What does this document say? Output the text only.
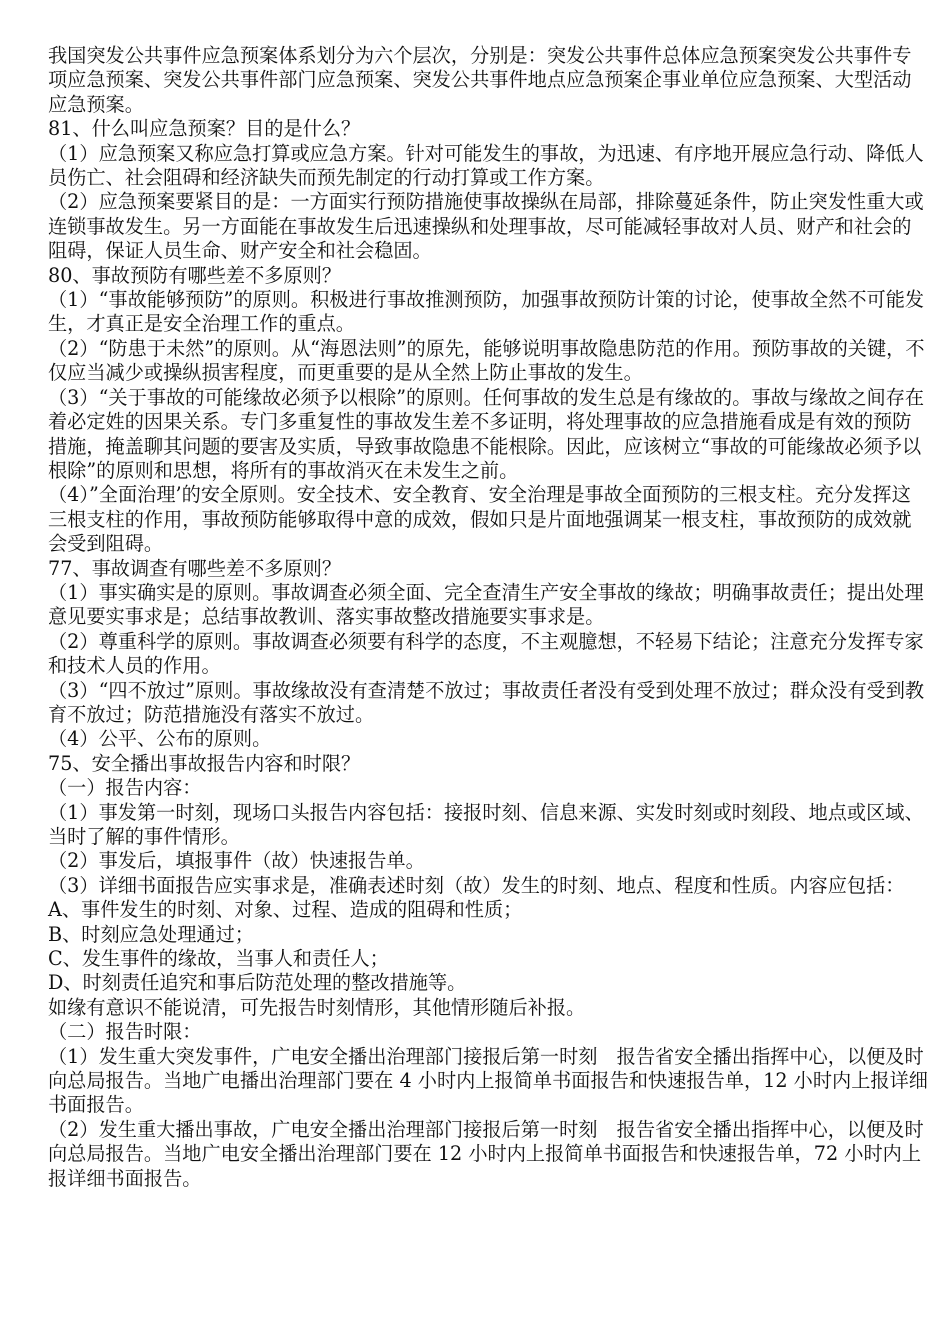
我国突发公共事件应急预案体系划分为六个层次，分别是：突发公共事件总体应急预案突发公共事件专项应急预案、突发公共事件部门应急预案、突发公共事件地点应急预案企事业单位应急预案、大型活动应急预案。

81、什么叫应急预案？目的是什么？

（1）应急预案又称应急打算或应急方案。针对可能发生的事故，为迅速、有序地开展应急行动、降低人员伤亡、社会阻碍和经济缺失而预先制定的行动打算或工作方案。

（2）应急预案要紧目的是：一方面实行预防措施使事故操纵在局部，排除蔓延条件，防止突发性重大或连锁事故发生。另一方面能在事故发生后迅速操纵和处理事故，尽可能减轻事故对人员、财产和社会的阻碍，保证人员生命、财产安全和社会稳固。

80、事故预防有哪些差不多原则？

（1）“事故能够预防”的原则。积极进行事故推测预防，加强事故预防计策的讨论，使事故全然不可能发生，才真正是安全治理工作的重点。

（2）“防患于未然”的原则。从“海恩法则”的原先，能够说明事故隐患防范的作用。预防事故的关键，不仅应当减少或操纵损害程度，而更重要的是从全然上防止事故的发生。

（3）“关于事故的可能缘故必须予以根除”的原则。任何事故的发生总是有缘故的。事故与缘故之间存在着必定姓的因果关系。专门多重复性的事故发生差不多证明，将处理事故的应急措施看成是有效的预防措施，掩盖聊其问题的要害及实质，导致事故隐患不能根除。因此，应该树立“事故的可能缘故必须予以根除”的原则和思想，将所有的事故消灭在未发生之前。

（4）”全面治理’的安全原则。安全技术、安全教育、安全治理是事故全面预防的三根支柱。充分发挥这三根支柱的作用，事故预防能够取得中意的成效，假如只是片面地强调某一根支柱，事故预防的成效就会受到阻碍。

77、事故调查有哪些差不多原则？

（1）事实确实是的原则。事故调查必须全面、完全查清生产安全事故的缘故；明确事故责任；提出处理意见要实事求是；总结事故教训、落实事故整改措施要实事求是。

（2）尊重科学的原则。事故调查必须要有科学的态度，不主观臆想，不轻易下结论；注意充分发挥专家和技术人员的作用。

（3）“四不放过”原则。事故缘故没有查清楚不放过；事故责任者没有受到处理不放过；群众没有受到教育不放过；防范措施没有落实不放过。

（4）公平、公布的原则。

75、安全播出事故报告内容和时限？

（一）报告内容：

（1）事发第一时刻，现场口头报告内容包括：接报时刻、信息来源、实发时刻或时刻段、地点或区域、当时了解的事件情形。

（2）事发后，填报事件（故）快速报告单。

（3）详细书面报告应实事求是，准确表述时刻（故）发生的时刻、地点、程度和性质。内容应包括：

A、事件发生的时刻、对象、过程、造成的阻碍和性质；

B、时刻应急处理通过；

C、发生事件的缘故，当事人和责任人；

D、时刻责任追究和事后防范处理的整改措施等。

如缘有意识不能说清，可先报告时刻情形，其他情形随后补报。

（二）报告时限：

（1）发生重大突发事件，广电安全播出治理部门接报后第一时刻　报告省安全播出指挥中心，以便及时向总局报告。当地广电播出治理部门要在 4 小时内上报简单书面报告和快速报告单，12 小时内上报详细书面报告。

（2）发生重大播出事故，广电安全播出治理部门接报后第一时刻　报告省安全播出指挥中心，以便及时向总局报告。当地广电安全播出治理部门要在 12 小时内上报简单书面报告和快速报告单，72 小时内上报详细书面报告。
